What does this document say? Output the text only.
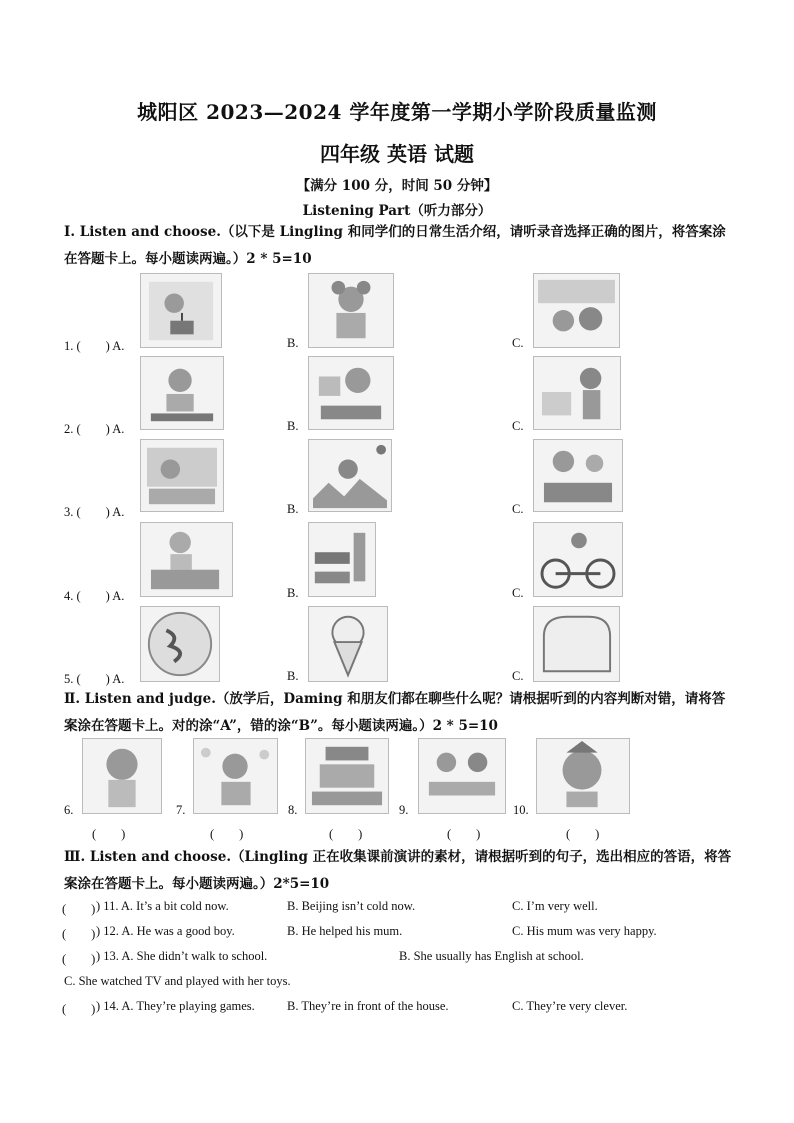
城阳区 2023—2024 学年度第一学期小学阶段质量监测
四年级 英语 试题
【满分 100 分，时间 50 分钟】
Listening Part（听力部分）
Ⅰ. Listen and choose.（以下是 Lingling 和同学们的日常生活介绍，请听录音选择正确的图片，将答案涂在答题卡上。每小题读两遍。）2 * 5=10
1. (　　) A.	B.	C.
2. (　　) A.	B.	C.
3. (　　) A.	B.	C.
4. (　　) A.	B.	C.
5. (　　) A.	B.	C.
Ⅱ. Listen and judge.（放学后，Daming 和朋友们都在聊些什么呢？请根据听到的内容判断对错，请将答案涂在答题卡上。对的涂“A”，错的涂“B”。每小题读两遍。）2 * 5=10
6.
(　　)
7.
(　　)
8.
(　　)
9.
(　　)
10.
(　　)
Ⅲ. Listen and choose.（Lingling 正在收集课前演讲的素材，请根据听到的句子，选出相应的答语，将答案涂在答题卡上。每小题读两遍。）2*5=10
(　　) ) 11. A. It’s a bit cold now.	B. Beijing isn’t cold now.	C. I’m very well.
(　　) ) 12. A. He was a good boy.	B. He helped his mum.	C. His mum was very happy.
(　　) ) 13. A. She didn’t walk to school.	B. She usually has English at school.
C. She watched TV and played with her toys.
(　　) ) 14. A. They’re playing games.	B. They’re in front of the house.	C. They’re very clever.
